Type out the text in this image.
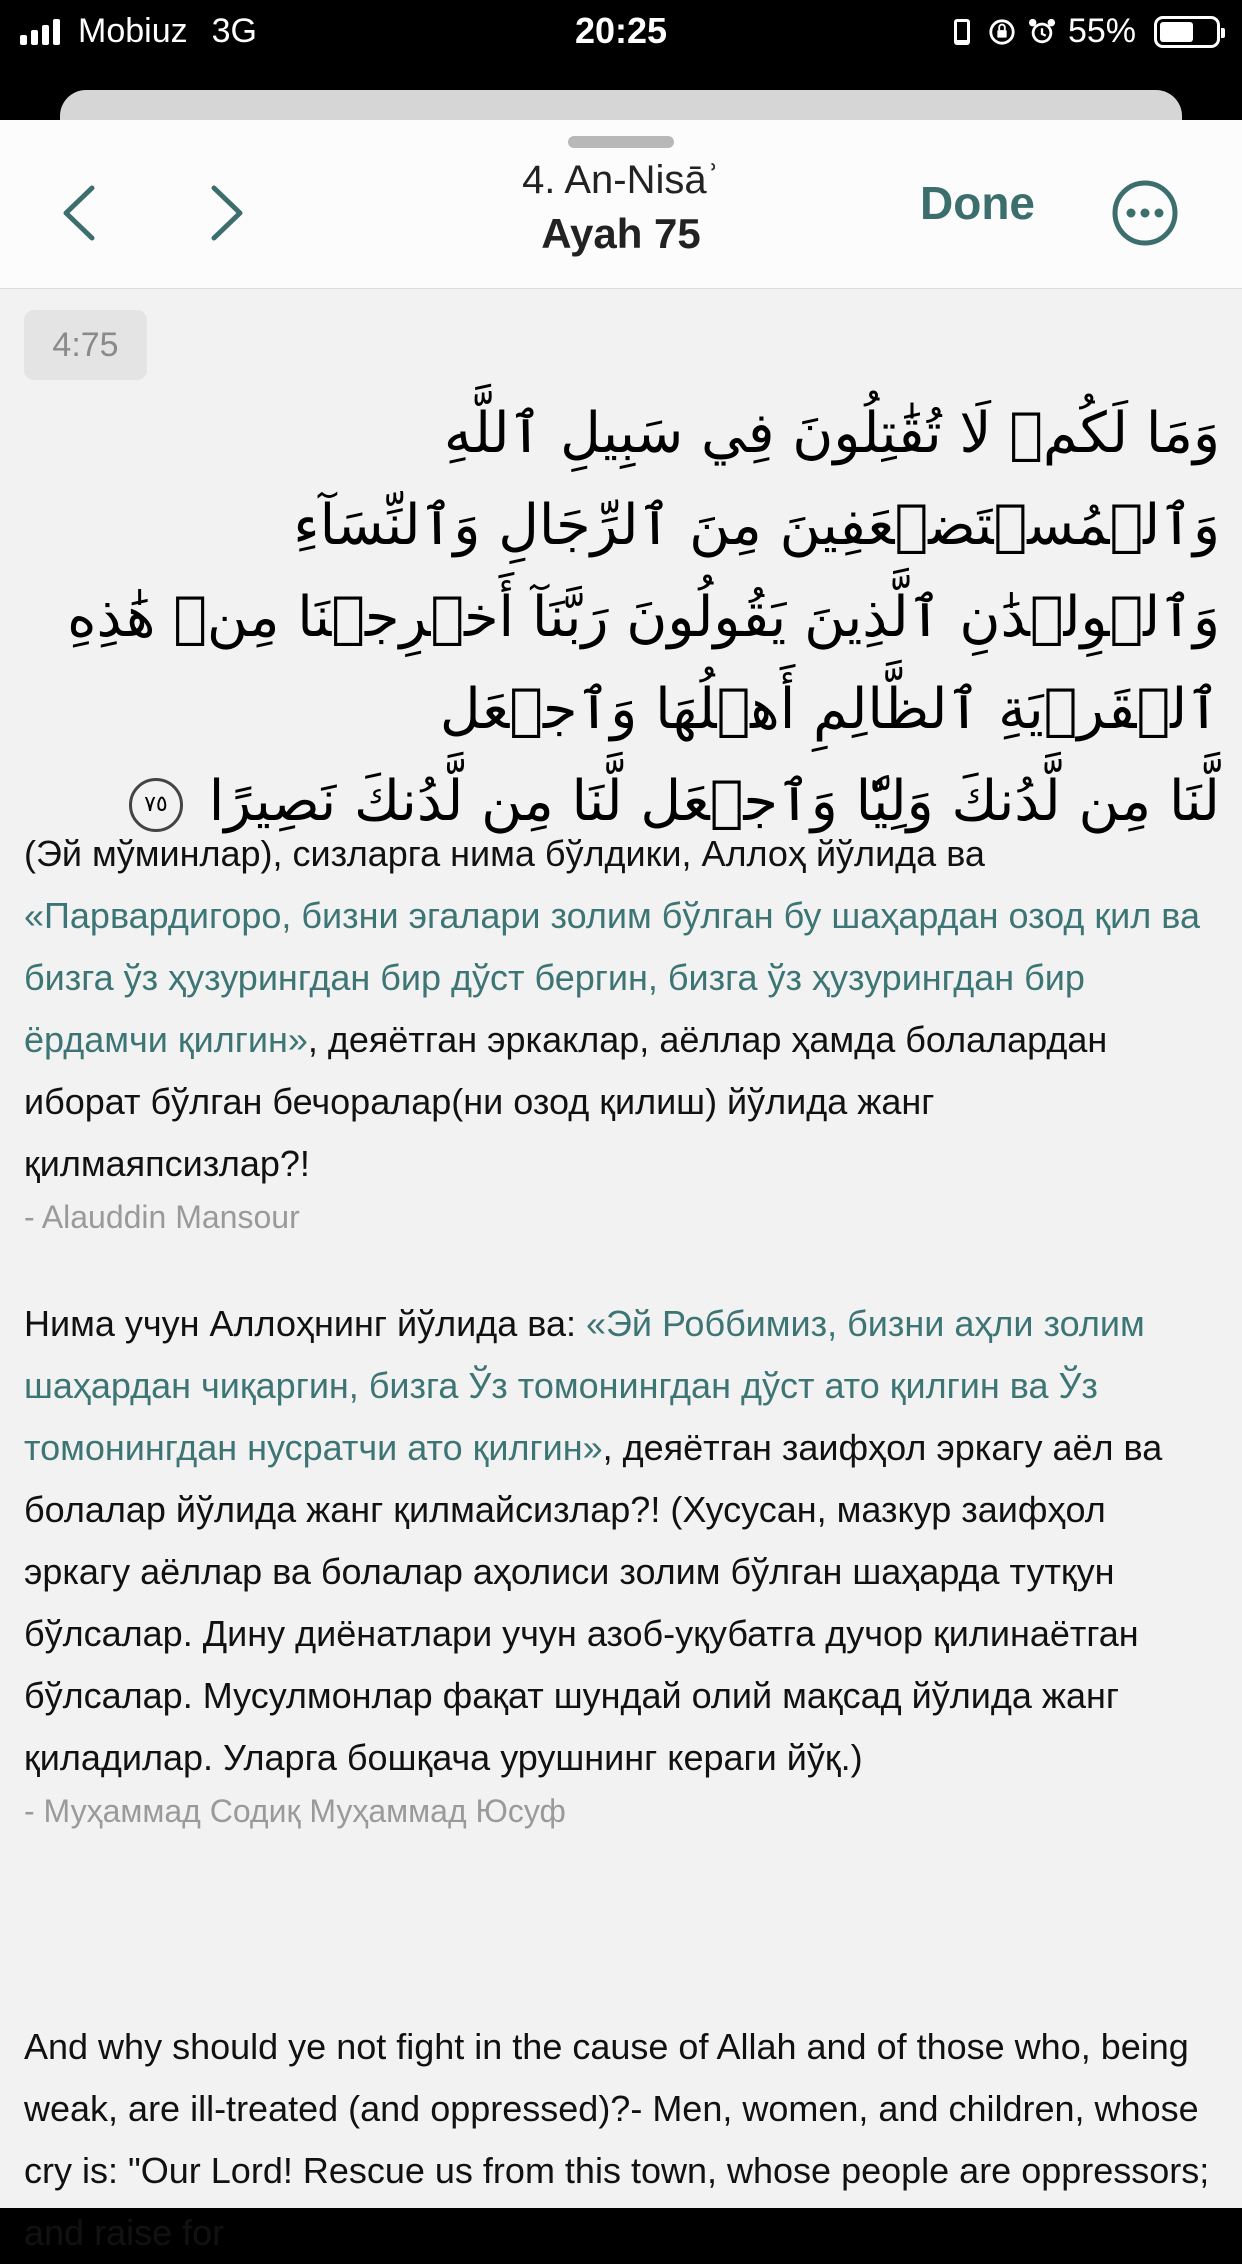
Mobiuz 3G	20:25	55%
4. An-Nisāʾ
Ayah 75
Done
4:75
وَمَا لَكُمۡ لَا تُقَٰتِلُونَ فِي سَبِيلِ ٱللَّهِ وَٱلۡمُسۡتَضۡعَفِينَ مِنَ ٱلرِّجَالِ وَٱلنِّسَآءِ
وَٱلۡوِلۡدَٰنِ ٱلَّذِينَ يَقُولُونَ رَبَّنَآ أَخۡرِجۡنَا مِنۡ هَٰذِهِ ٱلۡقَرۡيَةِ ٱلظَّالِمِ أَهۡلُهَا وَٱجۡعَل
لَّنَا مِن لَّدُنكَ وَلِيّٗا وَٱجۡعَل لَّنَا مِن لَّدُنكَ نَصِيرًا ٧٥
(Эй мўминлар), сизларга нима бўлдики, Аллоҳ йўлида ва «Парвардигоро, бизни эгалари золим бўлган бу шаҳардан озод қил ва бизга ўз ҳузурингдан бир дўст бергин, бизга ўз ҳузурингдан бир ёрдамчи қилгин», деяётган эркаклар, аёллар ҳамда болалардан иборат бўлган бечоралар(ни озод қилиш) йўлида жанг қилмаяпсизлар?!
- Alauddin Mansour
Нима учун Аллоҳнинг йўлида ва: «Эй Роббимиз, бизни аҳли золим шаҳардан чиқаргин, бизга Ўз томонингдан дўст ато қилгин ва Ўз томонингдан нусратчи ато қилгин», деяётган заифҳол эркагу аёл ва болалар йўлида жанг қилмайсизлар?! (Хусусан, мазкур заифҳол эркагу аёллар ва болалар аҳолиси золим бўлган шаҳарда тутқун бўлсалар. Дину диёнатлари учун азоб-уқубатга дучор қилинаётган бўлсалар. Мусулмонлар фақат шундай олий мақсад йўлида жанг қиладилар. Уларга бошқача урушнинг кераги йўқ.)
- Муҳаммад Содиқ Муҳаммад Юсуф
And why should ye not fight in the cause of Allah and of those who, being weak, are ill-treated (and oppressed)?- Men, women, and children, whose cry is: "Our Lord! Rescue us from this town, whose people are oppressors; and raise for
